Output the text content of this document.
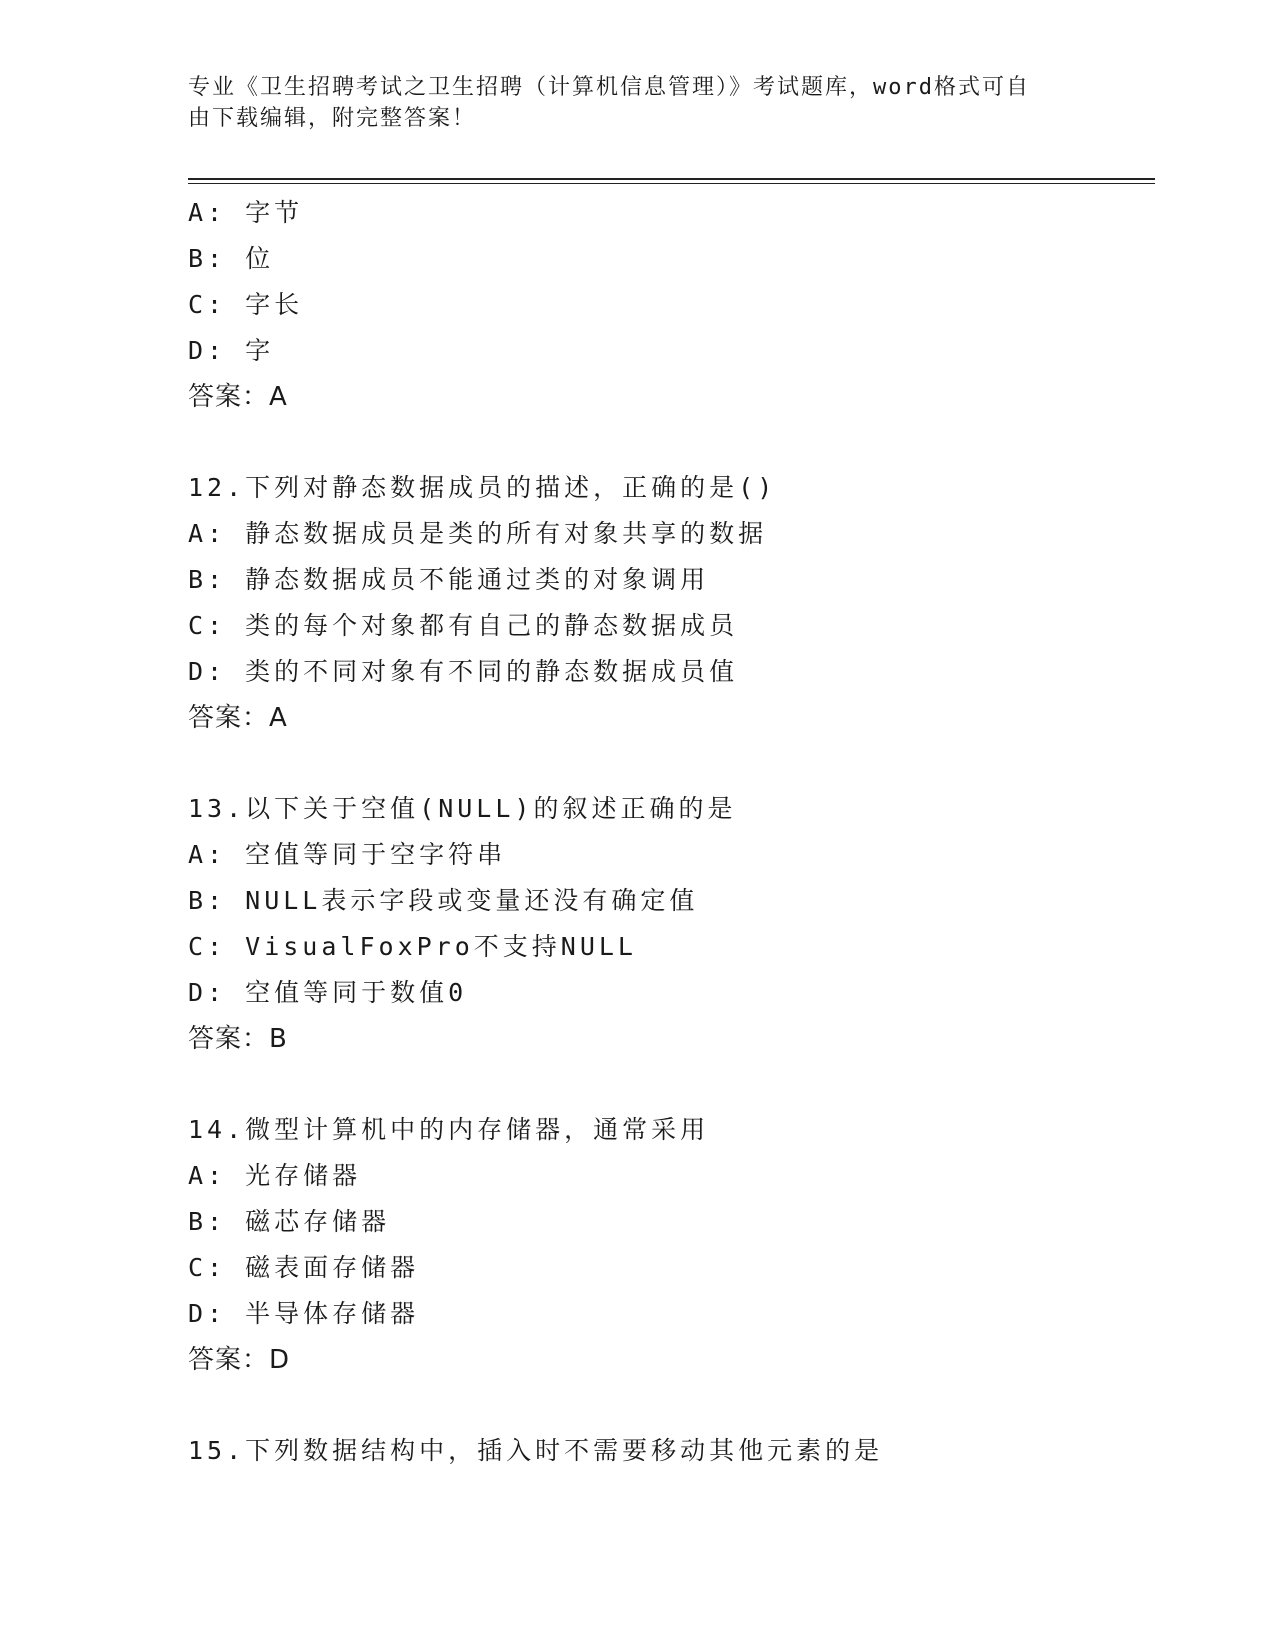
专业《卫生招聘考试之卫生招聘（计算机信息管理）》考试题库，word格式可自
由下载编辑，附完整答案！
A: 字节
B: 位
C: 字长
D: 字
答案：A
12.下列对静态数据成员的描述，正确的是()
A: 静态数据成员是类的所有对象共享的数据
B: 静态数据成员不能通过类的对象调用
C: 类的每个对象都有自己的静态数据成员
D: 类的不同对象有不同的静态数据成员值
答案：A
13.以下关于空值(NULL)的叙述正确的是
A: 空值等同于空字符串
B: NULL表示字段或变量还没有确定值
C: VisualFoxPro不支持NULL
D: 空值等同于数值0
答案：B
14.微型计算机中的内存储器，通常采用
A: 光存储器
B: 磁芯存储器
C: 磁表面存储器
D: 半导体存储器
答案：D
15.下列数据结构中，插入时不需要移动其他元素的是
